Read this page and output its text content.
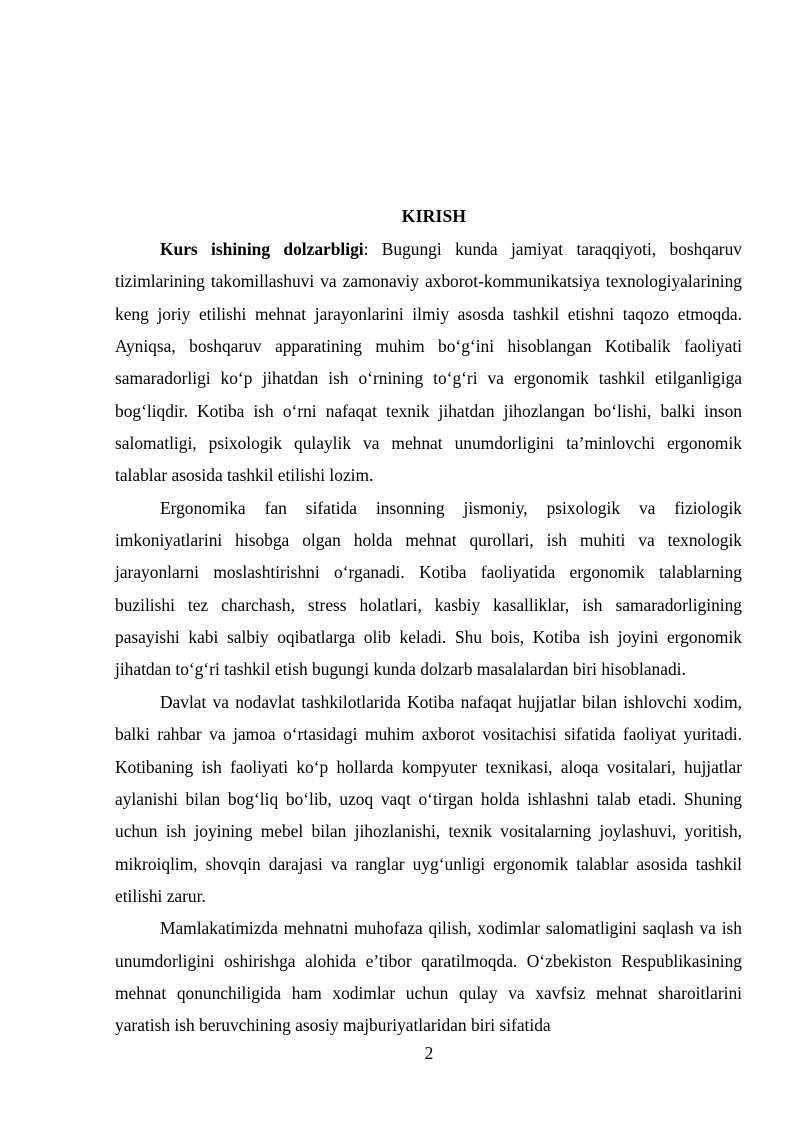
KIRISH

Kurs ishining dolzarbligi: Bugungi kunda jamiyat taraqqiyoti, boshqaruv tizimlarining takomillashuvi va zamonaviy axborot-kommunikatsiya texnologiyalarining keng joriy etilishi mehnat jarayonlarini ilmiy asosda tashkil etishni taqozo etmoqda. Ayniqsa, boshqaruv apparatining muhim bo‘g‘ini hisoblangan Kotibalik faoliyati samaradorligi ko‘p jihatdan ish o‘rnining to‘g‘ri va ergonomik tashkil etilganligiga bog‘liqdir. Kotiba ish o‘rni nafaqat texnik jihatdan jihozlangan bo‘lishi, balki inson salomatligi, psixologik qulaylik va mehnat unumdorligini ta’minlovchi ergonomik talablar asosida tashkil etilishi lozim.

Ergonomika fan sifatida insonning jismoniy, psixologik va fiziologik imkoniyatlarini hisobga olgan holda mehnat qurollari, ish muhiti va texnologik jarayonlarni moslashtirishni o‘rganadi. Kotiba faoliyatida ergonomik talablarning buzilishi tez charchash, stress holatlari, kasbiy kasalliklar, ish samaradorligining pasayishi kabi salbiy oqibatlarga olib keladi. Shu bois, Kotiba ish joyini ergonomik jihatdan to‘g‘ri tashkil etish bugungi kunda dolzarb masalalardan biri hisoblanadi.

Davlat va nodavlat tashkilotlarida Kotiba nafaqat hujjatlar bilan ishlovchi xodim, balki rahbar va jamoa o‘rtasidagi muhim axborot vositachisi sifatida faoliyat yuritadi. Kotibaning ish faoliyati ko‘p hollarda kompyuter texnikasi, aloqa vositalari, hujjatlar aylanishi bilan bog‘liq bo‘lib, uzoq vaqt o‘tirgan holda ishlashni talab etadi. Shuning uchun ish joyining mebel bilan jihozlanishi, texnik vositalarning joylashuvi, yoritish, mikroiqlim, shovqin darajasi va ranglar uyg‘unligi ergonomik talablar asosida tashkil etilishi zarur.

Mamlakatimizda mehnatni muhofaza qilish, xodimlar salomatligini saqlash va ish unumdorligini oshirishga alohida e’tibor qaratilmoqda. O‘zbekiston Respublikasining mehnat qonunchiligida ham xodimlar uchun qulay va xavfsiz mehnat sharoitlarini yaratish ish beruvchining asosiy majburiyatlaridan biri sifatida

2
